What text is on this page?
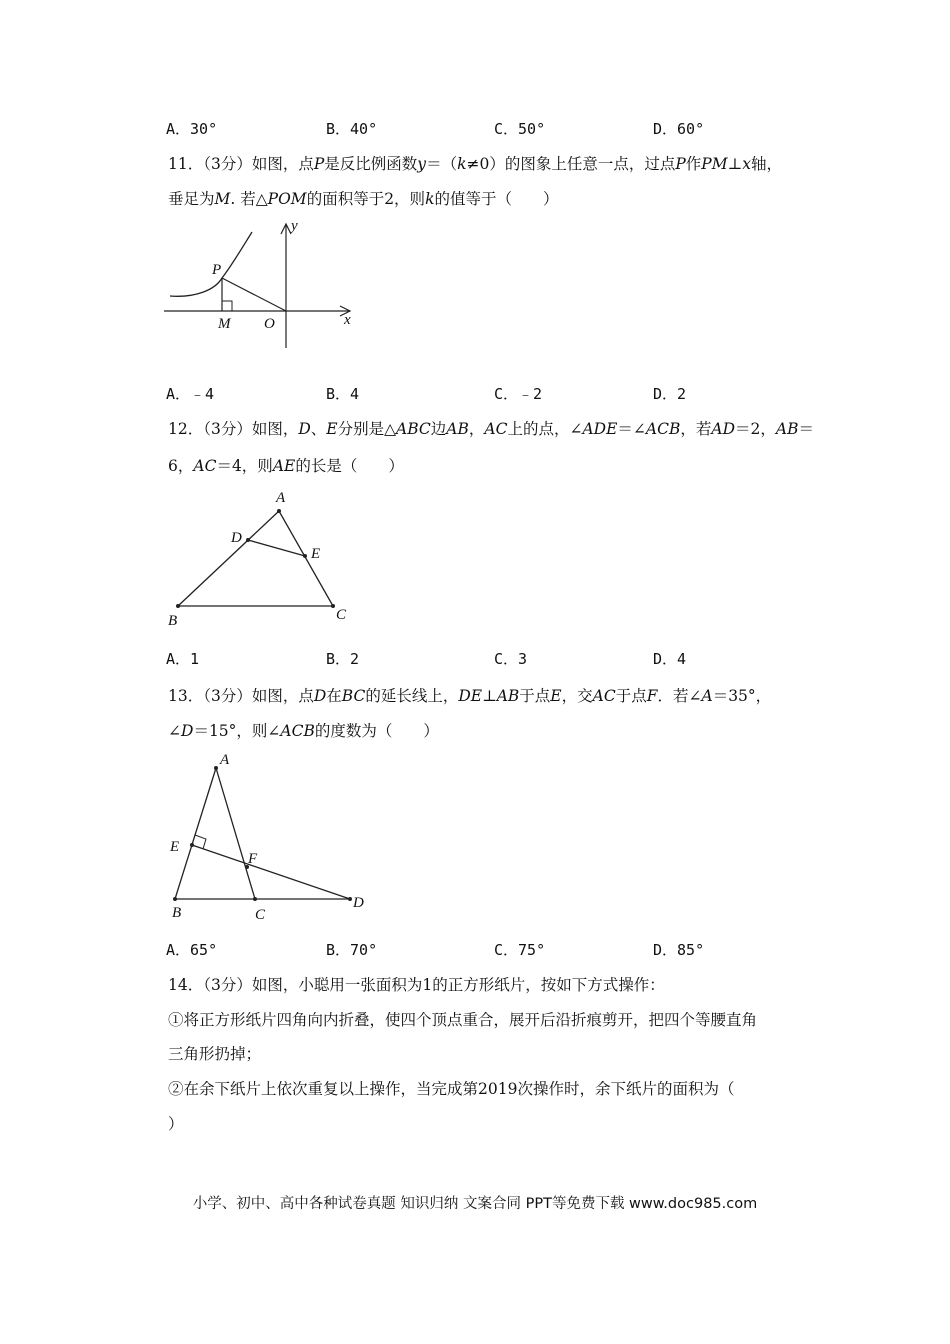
A．30°	B．40°	C．50°	D．60°
11．（3分）如图，点P是反比例函数y＝（k≠0）的图象上任意一点，过点P作PM⊥x轴，
垂足为M. 若△POM的面积等于2，则k的值等于（　　）
P
M O	x
y
A．﹣4	B．4	C．﹣2	D．2
12．（3分）如图，D、E分别是△ABC边AB，AC上的点，∠ADE＝∠ACB，若AD＝2，AB＝
6，AC＝4，则AE的长是（　　）
A
D
E
B	C
A．1	B．2	C．3	D．4
13．（3分）如图，点D在BC的延长线上，DE⊥AB于点E，交AC于点F．若∠A＝35°，
∠D＝15°，则∠ACB的度数为（　　）
A
E
F
B	C
D
A．65°	B．70°	C．75°	D．85°
14．（3分）如图，小聪用一张面积为1的正方形纸片，按如下方式操作：
①将正方形纸片四角向内折叠，使四个顶点重合，展开后沿折痕剪开，把四个等腰直角
三角形扔掉；
②在余下纸片上依次重复以上操作，当完成第2019次操作时，余下纸片的面积为（
）
小学、初中、高中各种试卷真题 知识归纳 文案合同 PPT等免费下载 www.doc985.com
